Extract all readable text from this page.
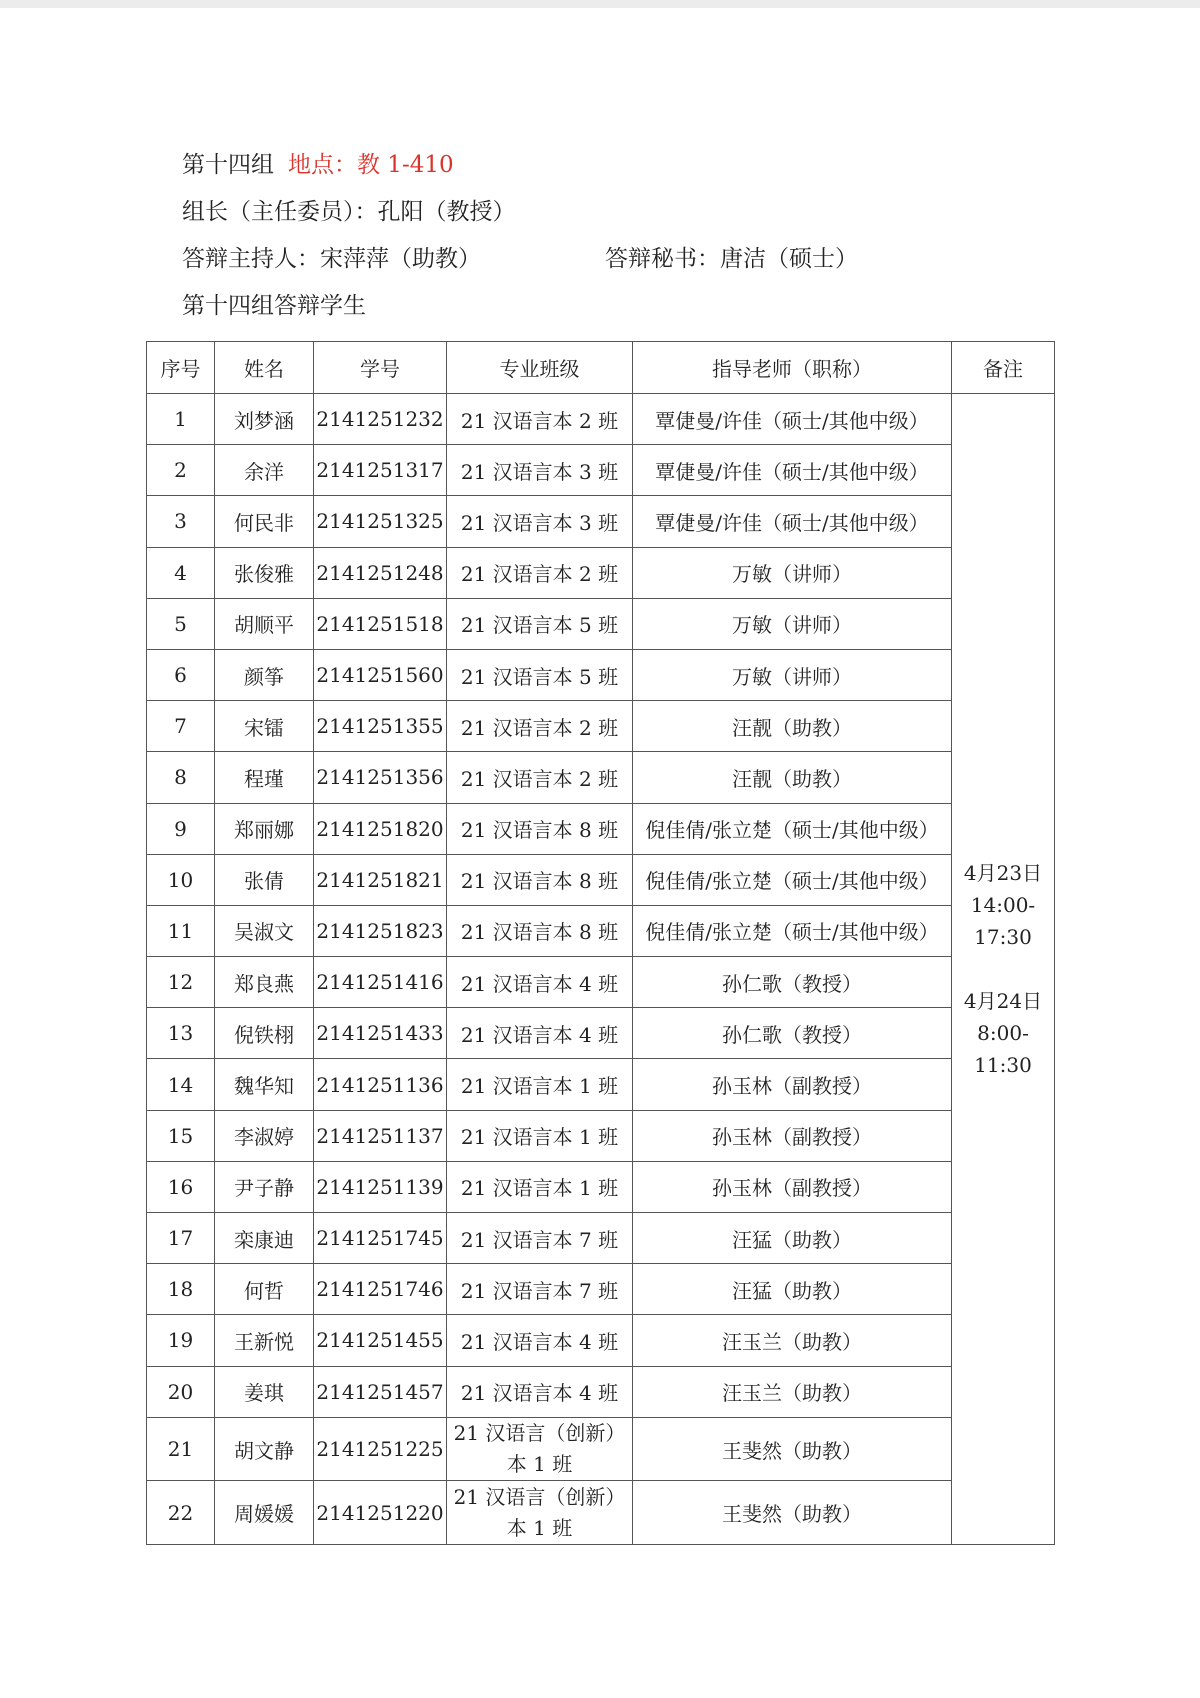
第十四组 地点：教 1-410
组长（主任委员）：孔阳（教授）
答辩主持人：宋萍萍（助教）	答辩秘书：唐洁（硕士）
第十四组答辩学生
序号	姓名	学号	专业班级	指导老师（职称）	备注
1	刘梦涵	2141251232	21 汉语言本 2 班	覃倢曼/许佳（硕士/其他中级）	4月23日
14:00-17:30
4月24日
8:00-11:30

2	余洋	2141251317	21 汉语言本 3 班	覃倢曼/许佳（硕士/其他中级）	
3	何民非	2141251325	21 汉语言本 3 班	覃倢曼/许佳（硕士/其他中级）	
4	张俊雅	2141251248	21 汉语言本 2 班	万敏（讲师）	
5	胡顺平	2141251518	21 汉语言本 5 班	万敏（讲师）	
6	颜筝	2141251560	21 汉语言本 5 班	万敏（讲师）	
7	宋镭	2141251355	21 汉语言本 2 班	汪靓（助教）	
8	程瑾	2141251356	21 汉语言本 2 班	汪靓（助教）	
9	郑丽娜	2141251820	21 汉语言本 8 班	倪佳倩/张立楚（硕士/其他中级）	
10	张倩	2141251821	21 汉语言本 8 班	倪佳倩/张立楚（硕士/其他中级）	
11	吴淑文	2141251823	21 汉语言本 8 班	倪佳倩/张立楚（硕士/其他中级）	
12	郑良燕	2141251416	21 汉语言本 4 班	孙仁歌（教授）	
13	倪铁栩	2141251433	21 汉语言本 4 班	孙仁歌（教授）	
14	魏华知	2141251136	21 汉语言本 1 班	孙玉林（副教授）	
15	李淑婷	2141251137	21 汉语言本 1 班	孙玉林（副教授）	
16	尹子静	2141251139	21 汉语言本 1 班	孙玉林（副教授）	
17	栾康迪	2141251745	21 汉语言本 7 班	汪猛（助教）	
18	何哲	2141251746	21 汉语言本 7 班	汪猛（助教）	
19	王新悦	2141251455	21 汉语言本 4 班	汪玉兰（助教）	
20	姜琪	2141251457	21 汉语言本 4 班	汪玉兰（助教）	
21	胡文静	2141251225	21 汉语言（创新）本 1 班	王斐然（助教）	
22	周媛媛	2141251220	21 汉语言（创新）本 1 班	王斐然（助教）	
